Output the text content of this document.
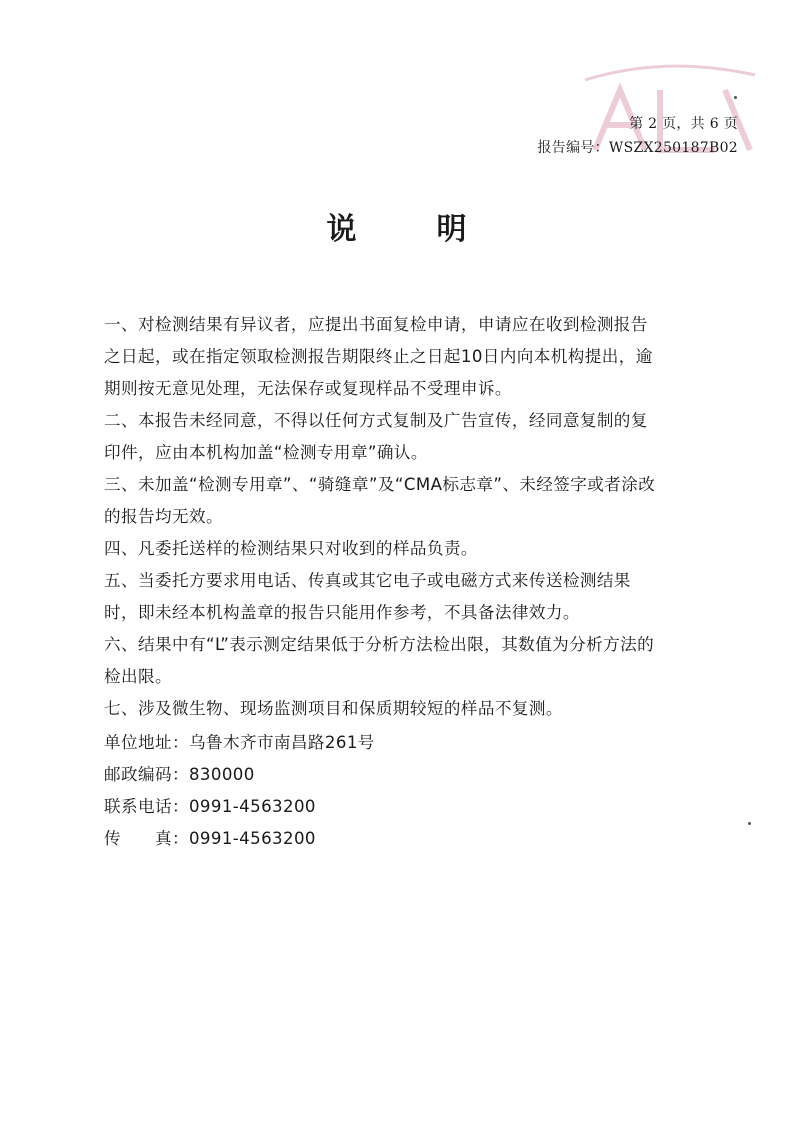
第 2 页，共 6 页
报告编号：WSZX250187B02
说明

一、对检测结果有异议者，应提出书面复检申请，申请应在收到检测报告之日起，或在指定领取检测报告期限终止之日起10日内向本机构提出，逾期则按无意见处理，无法保存或复现样品不受理申诉。

二、本报告未经同意，不得以任何方式复制及广告宣传，经同意复制的复印件，应由本机构加盖“检测专用章”确认。

三、未加盖“检测专用章”、“骑缝章”及“CMA标志章”、未经签字或者涂改的报告均无效。

四、凡委托送样的检测结果只对收到的样品负责。

五、当委托方要求用电话、传真或其它电子或电磁方式来传送检测结果时，即未经本机构盖章的报告只能用作参考，不具备法律效力。

六、结果中有“L”表示测定结果低于分析方法检出限，其数值为分析方法的检出限。

七、涉及微生物、现场监测项目和保质期较短的样品不复测。

单位地址：乌鲁木齐市南昌路261号
邮政编码：830000
联系电话：0991-4563200
传　　真：0991-4563200
